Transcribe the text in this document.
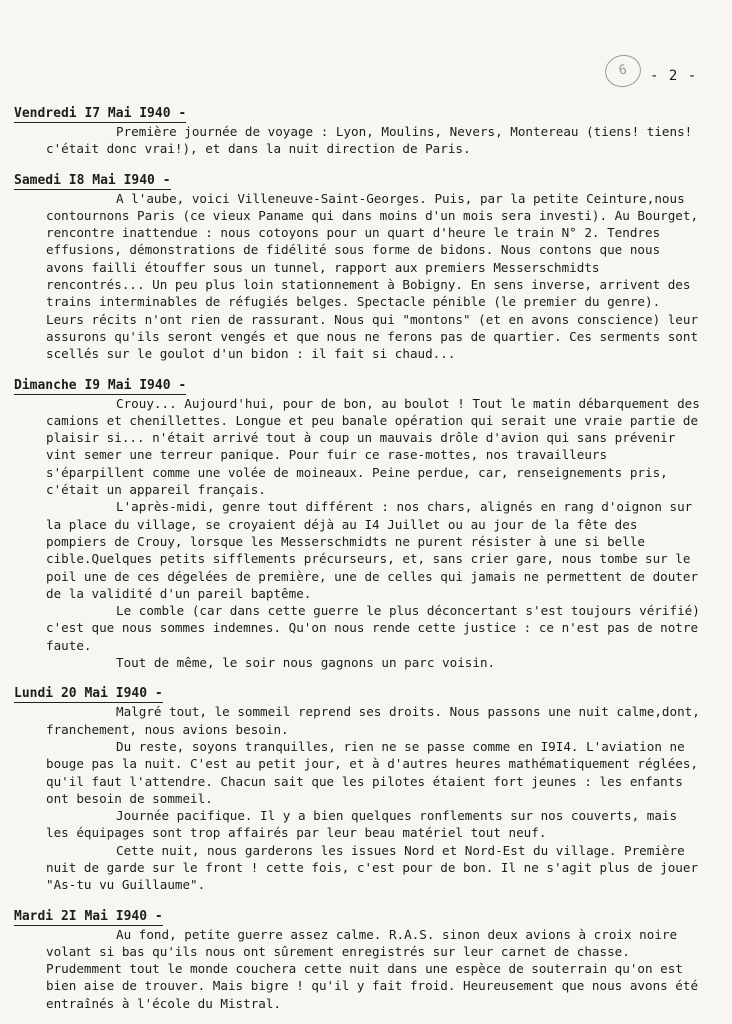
6	- 2 -
Vendredi I7 Mai I940 -

Première journée de voyage : Lyon, Moulins, Nevers, Montereau (tiens! tiens! c'était donc vrai!), et dans la nuit direction de Paris.

Samedi I8 Mai I940 -

A l'aube, voici Villeneuve-Saint-Georges. Puis, par la petite Ceinture,nous contournons Paris (ce vieux Paname qui dans moins d'un mois sera investi). Au Bourget, rencontre inattendue : nous cotoyons pour un quart d'heure le train N° 2. Tendres effusions, démonstrations de fidélité sous forme de bidons. Nous contons que nous avons failli étouffer sous un tunnel, rapport aux premiers Messerschmidts rencontrés... Un peu plus loin stationnement à Bobigny. En sens inverse, arrivent des trains interminables de réfugiés belges. Spectacle pénible (le premier du genre). Leurs récits n'ont rien de rassurant. Nous qui "montons" (et en avons conscience) leur assurons qu'ils seront vengés et que nous ne ferons pas de quartier. Ces serments sont scellés sur le goulot d'un bidon : il fait si chaud...

Dimanche I9 Mai I940 -

Crouy... Aujourd'hui, pour de bon, au boulot ! Tout le matin débarquement des camions et chenillettes. Longue et peu banale opération qui serait une vraie partie de plaisir si... n'était arrivé tout à coup un mauvais drôle d'avion qui sans prévenir vint semer une terreur panique. Pour fuir ce rase-mottes, nos travailleurs s'éparpillent comme une volée de moineaux. Peine perdue, car, renseignements pris, c'était un appareil français.

L'après-midi, genre tout différent : nos chars, alignés en rang d'oignon sur la place du village, se croyaient déjà au I4 Juillet ou au jour de la fête des pompiers de Crouy, lorsque les Messerschmidts ne purent résister à une si belle cible.Quelques petits sifflements précurseurs, et, sans crier gare, nous tombe sur le poil une de ces dégelées de première, une de celles qui jamais ne permettent de douter de la validité d'un pareil baptême.

Le comble (car dans cette guerre le plus déconcertant s'est toujours vérifié) c'est que nous sommes indemnes. Qu'on nous rende cette justice : ce n'est pas de notre faute.

Tout de même, le soir nous gagnons un parc voisin.

Lundi 20 Mai I940 -

Malgré tout, le sommeil reprend ses droits. Nous passons une nuit calme,dont, franchement, nous avions besoin.

Du reste, soyons tranquilles, rien ne se passe comme en I9I4. L'aviation ne bouge pas la nuit. C'est au petit jour, et à d'autres heures mathématiquement réglées, qu'il faut l'attendre. Chacun sait que les pilotes étaient fort jeunes : les enfants ont besoin de sommeil.

Journée pacifique. Il y a bien quelques ronflements sur nos couverts, mais les équipages sont trop affairés par leur beau matériel tout neuf.

Cette nuit, nous garderons les issues Nord et Nord-Est du village. Première nuit de garde sur le front ! cette fois, c'est pour de bon. Il ne s'agit plus de jouer "As-tu vu Guillaume".

Mardi 2I Mai I940 -

Au fond, petite guerre assez calme. R.A.S. sinon deux avions à croix noire volant si bas qu'ils nous ont sûrement enregistrés sur leur carnet de chasse. Prudemment tout le monde couchera cette nuit dans une espèce de souterrain qu'on est bien aise de trouver. Mais bigre ! qu'il y fait froid. Heureusement que nous avons été entraînés à l'école du Mistral.
